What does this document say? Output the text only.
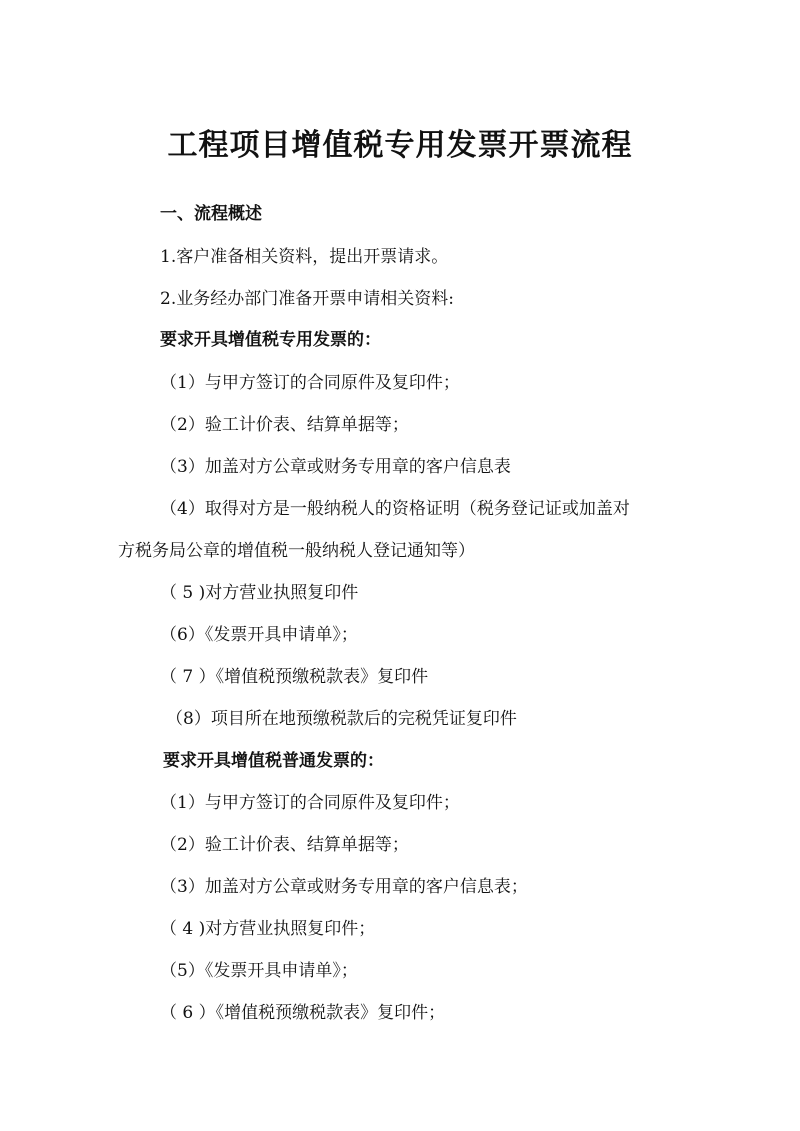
工程项目增值税专用发票开票流程

一、流程概述

1.客户准备相关资料，提出开票请求。

2.业务经办部门准备开票申请相关资料:

要求开具增值税专用发票的：

（1）与甲方签订的合同原件及复印件；

（2）验工计价表、结算单据等；

（3）加盖对方公章或财务专用章的客户信息表

（4）取得对方是一般纳税人的资格证明（税务登记证或加盖对

方税务局公章的增值税一般纳税人登记通知等）

（ 5 )对方营业执照复印件

（6）《发票开具申请单》；

（ 7 ）《增值税预缴税款表》复印件

（8）项目所在地预缴税款后的完税凭证复印件

要求开具增值税普通发票的：

（1）与甲方签订的合同原件及复印件；

（2）验工计价表、结算单据等；

（3）加盖对方公章或财务专用章的客户信息表；

（ 4 )对方营业执照复印件；

（5）《发票开具申请单》；

（ 6 ）《增值税预缴税款表》复印件；
